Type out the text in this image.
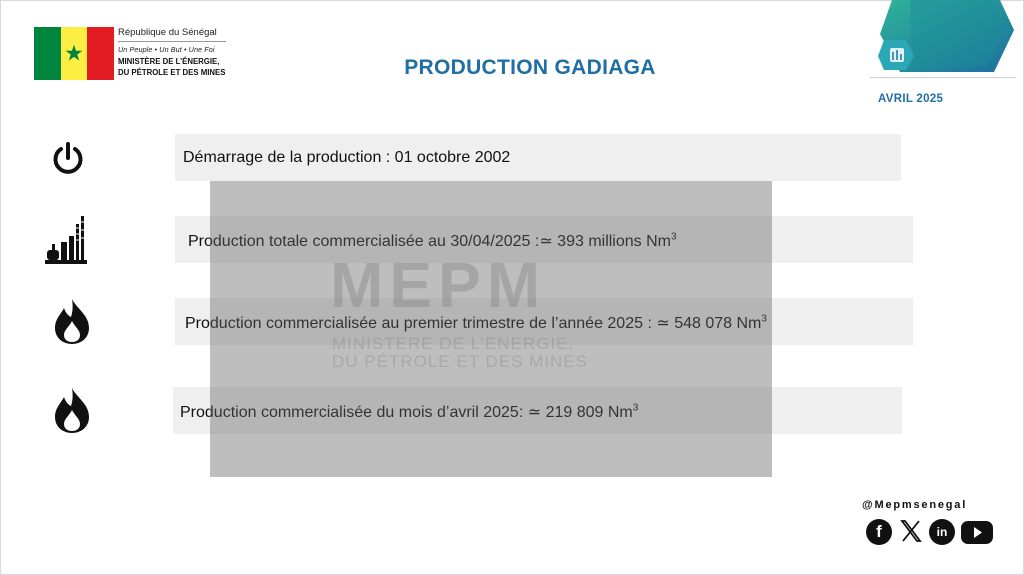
★
République du Sénégal
Un Peuple • Un But • Une Foi
MINISTÈRE DE L’ÉNERGIE,
DU PÉTROLE ET DES MINES	PRODUCTION GADIAGA
AVRIL 2025
Démarrage de la production : 01 octobre 2002
Production totale commercialisée au 30/04/2025 :≃ 393 millions Nm$^3$
Production commercialisée au premier trimestre de l’année 2025 : ≃ 548 078 Nm$^3$
Production commercialisée du mois d’avril 2025: ≃ 219 809 Nm$^3$
MEPM
MINISTERE DE L’ENERGIE,
DU PÉTROLE ET DES MINES
@Mepmsenegal
f	in
